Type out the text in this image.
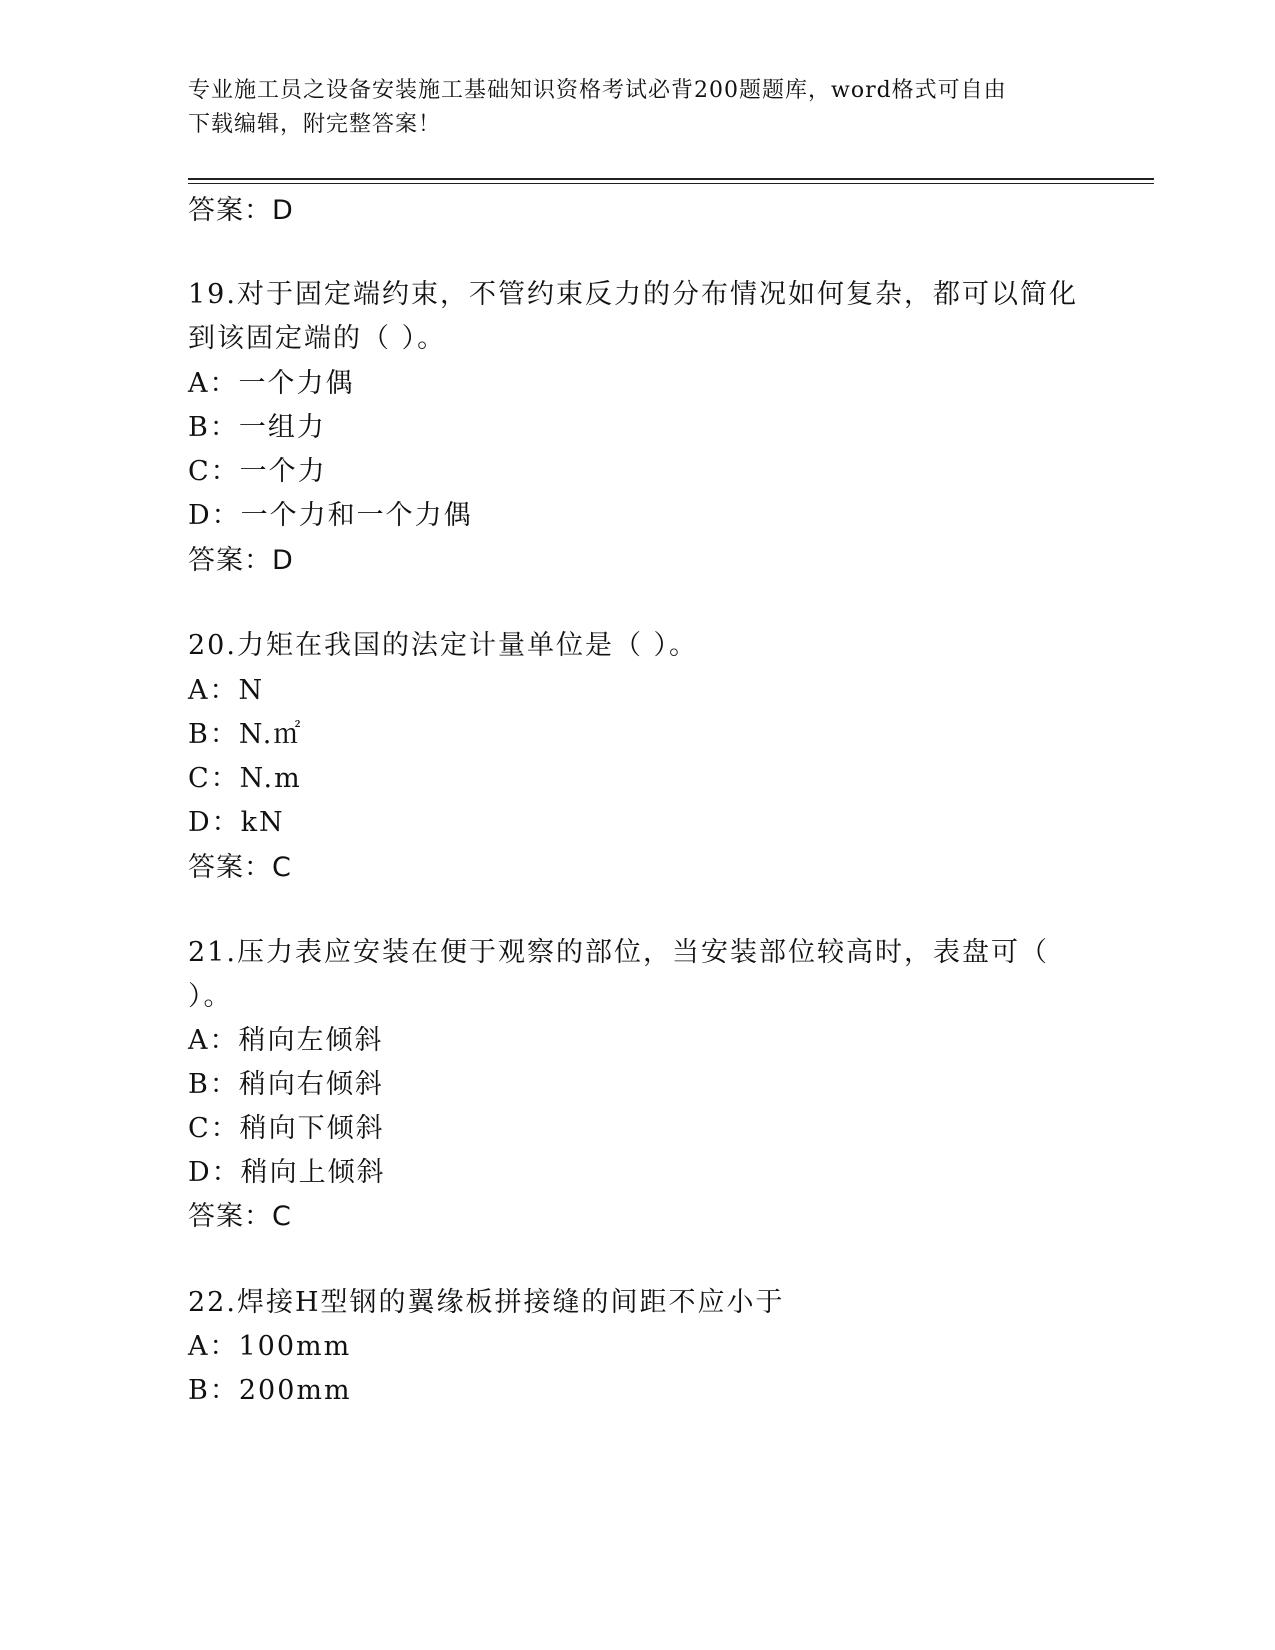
专业施工员之设备安装施工基础知识资格考试必背200题题库，word格式可自由
下载编辑，附完整答案！
答案：D
19.对于固定端约束，不管约束反力的分布情况如何复杂，都可以简化
到该固定端的（ ）。
A：一个力偶
B：一组力
C：一个力
D：一个力和一个力偶
答案：D
20.力矩在我国的法定计量单位是（ ）。
A：N
B：N.㎡
C：N.m
D：kN
答案：C
21.压力表应安装在便于观察的部位，当安装部位较高时，表盘可（
）。
A：稍向左倾斜
B：稍向右倾斜
C：稍向下倾斜
D：稍向上倾斜
答案：C
22.焊接H型钢的翼缘板拼接缝的间距不应小于
A：100mm
B：200mm
